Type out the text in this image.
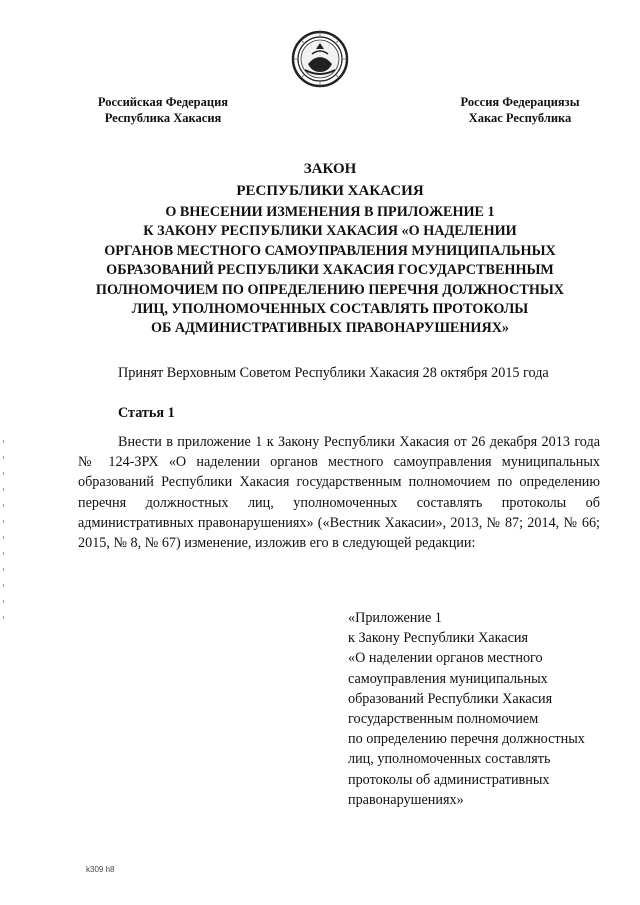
Российская Федерация
Республика Хакасия
Россия Федерациязы
Хакас Республика
ЗАКОН
РЕСПУБЛИКИ ХАКАСИЯ
О ВНЕСЕНИИ ИЗМЕНЕНИЯ В ПРИЛОЖЕНИЕ 1
К ЗАКОНУ РЕСПУБЛИКИ ХАКАСИЯ «О НАДЕЛЕНИИ
ОРГАНОВ МЕСТНОГО САМОУПРАВЛЕНИЯ МУНИЦИПАЛЬНЫХ
ОБРАЗОВАНИЙ РЕСПУБЛИКИ ХАКАСИЯ ГОСУДАРСТВЕННЫМ
ПОЛНОМОЧИЕМ ПО ОПРЕДЕЛЕНИЮ ПЕРЕЧНЯ ДОЛЖНОСТНЫХ
ЛИЦ, УПОЛНОМОЧЕННЫХ СОСТАВЛЯТЬ ПРОТОКОЛЫ
ОБ АДМИНИСТРАТИВНЫХ ПРАВОНАРУШЕНИЯХ»
Принят Верховным Советом Республики Хакасия 28 октября 2015 года
Статья 1

Внести в приложение 1 к Закону Республики Хакасия от 26 декабря 2013 года № 124-ЗРХ «О наделении органов местного самоуправления муниципальных образований Республики Хакасия государственным полномочием по определению перечня должностных лиц, уполномоченных составлять протоколы об административных правонарушениях» («Вестник Хакасии», 2013, № 87; 2014, № 66; 2015, № 8, № 67) изменение, изложив его в следующей редакции:

«Приложение 1
к Закону Республики Хакасия
«О наделении органов местного
самоуправления муниципальных
образований Республики Хакасия
государственным полномочием
по определению перечня должностных
лиц, уполномоченных составлять
протоколы об административных
правонарушениях»
k309 h8
